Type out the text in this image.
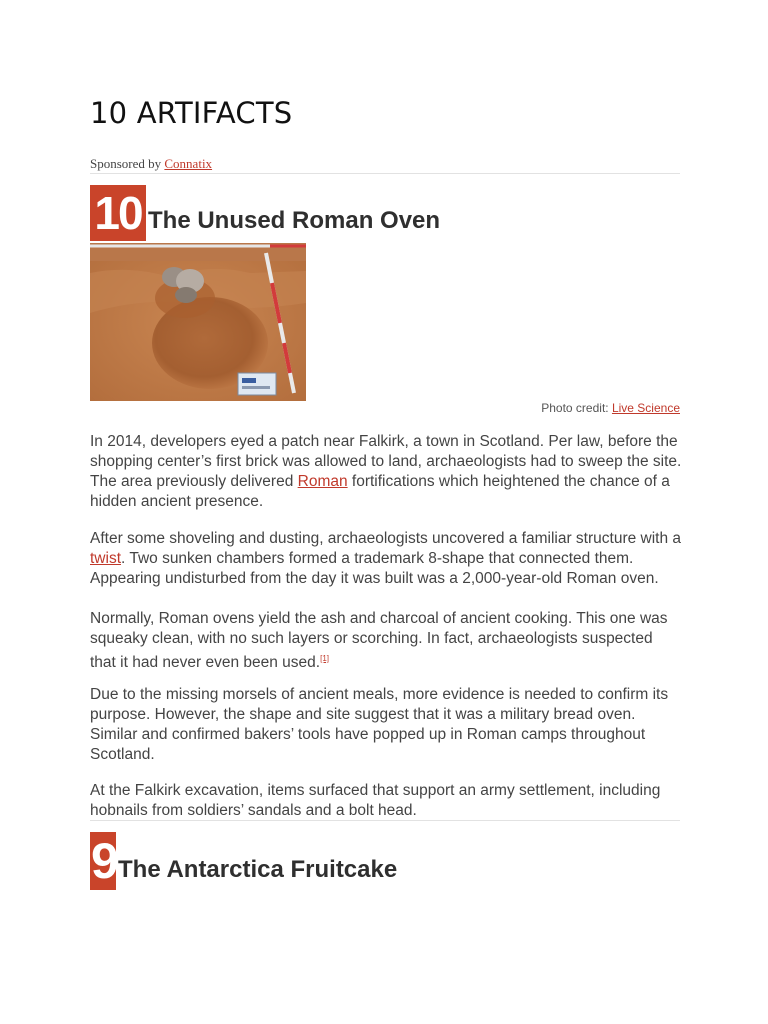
10 ARTIFACTS
Sponsored by Connatix
10 The Unused Roman Oven
Photo credit: Live Science

In 2014, developers eyed a patch near Falkirk, a town in Scotland. Per law, before the shopping center’s first brick was allowed to land, archaeologists had to sweep the site. The area previously delivered Roman fortifications which heightened the chance of a hidden ancient presence.

After some shoveling and dusting, archaeologists uncovered a familiar structure with a twist. Two sunken chambers formed a trademark 8-shape that connected them. Appearing undisturbed from the day it was built was a 2,000-year-old Roman oven.

Normally, Roman ovens yield the ash and charcoal of ancient cooking. This one was squeaky clean, with no such layers or scorching. In fact, archaeologists suspected that it had never even been used.[1]

Due to the missing morsels of ancient meals, more evidence is needed to confirm its purpose. However, the shape and site suggest that it was a military bread oven. Similar and confirmed bakers’ tools have popped up in Roman camps throughout Scotland.

At the Falkirk excavation, items surfaced that support an army settlement, including hobnails from soldiers’ sandals and a bolt head.

9 The Antarctica Fruitcake
